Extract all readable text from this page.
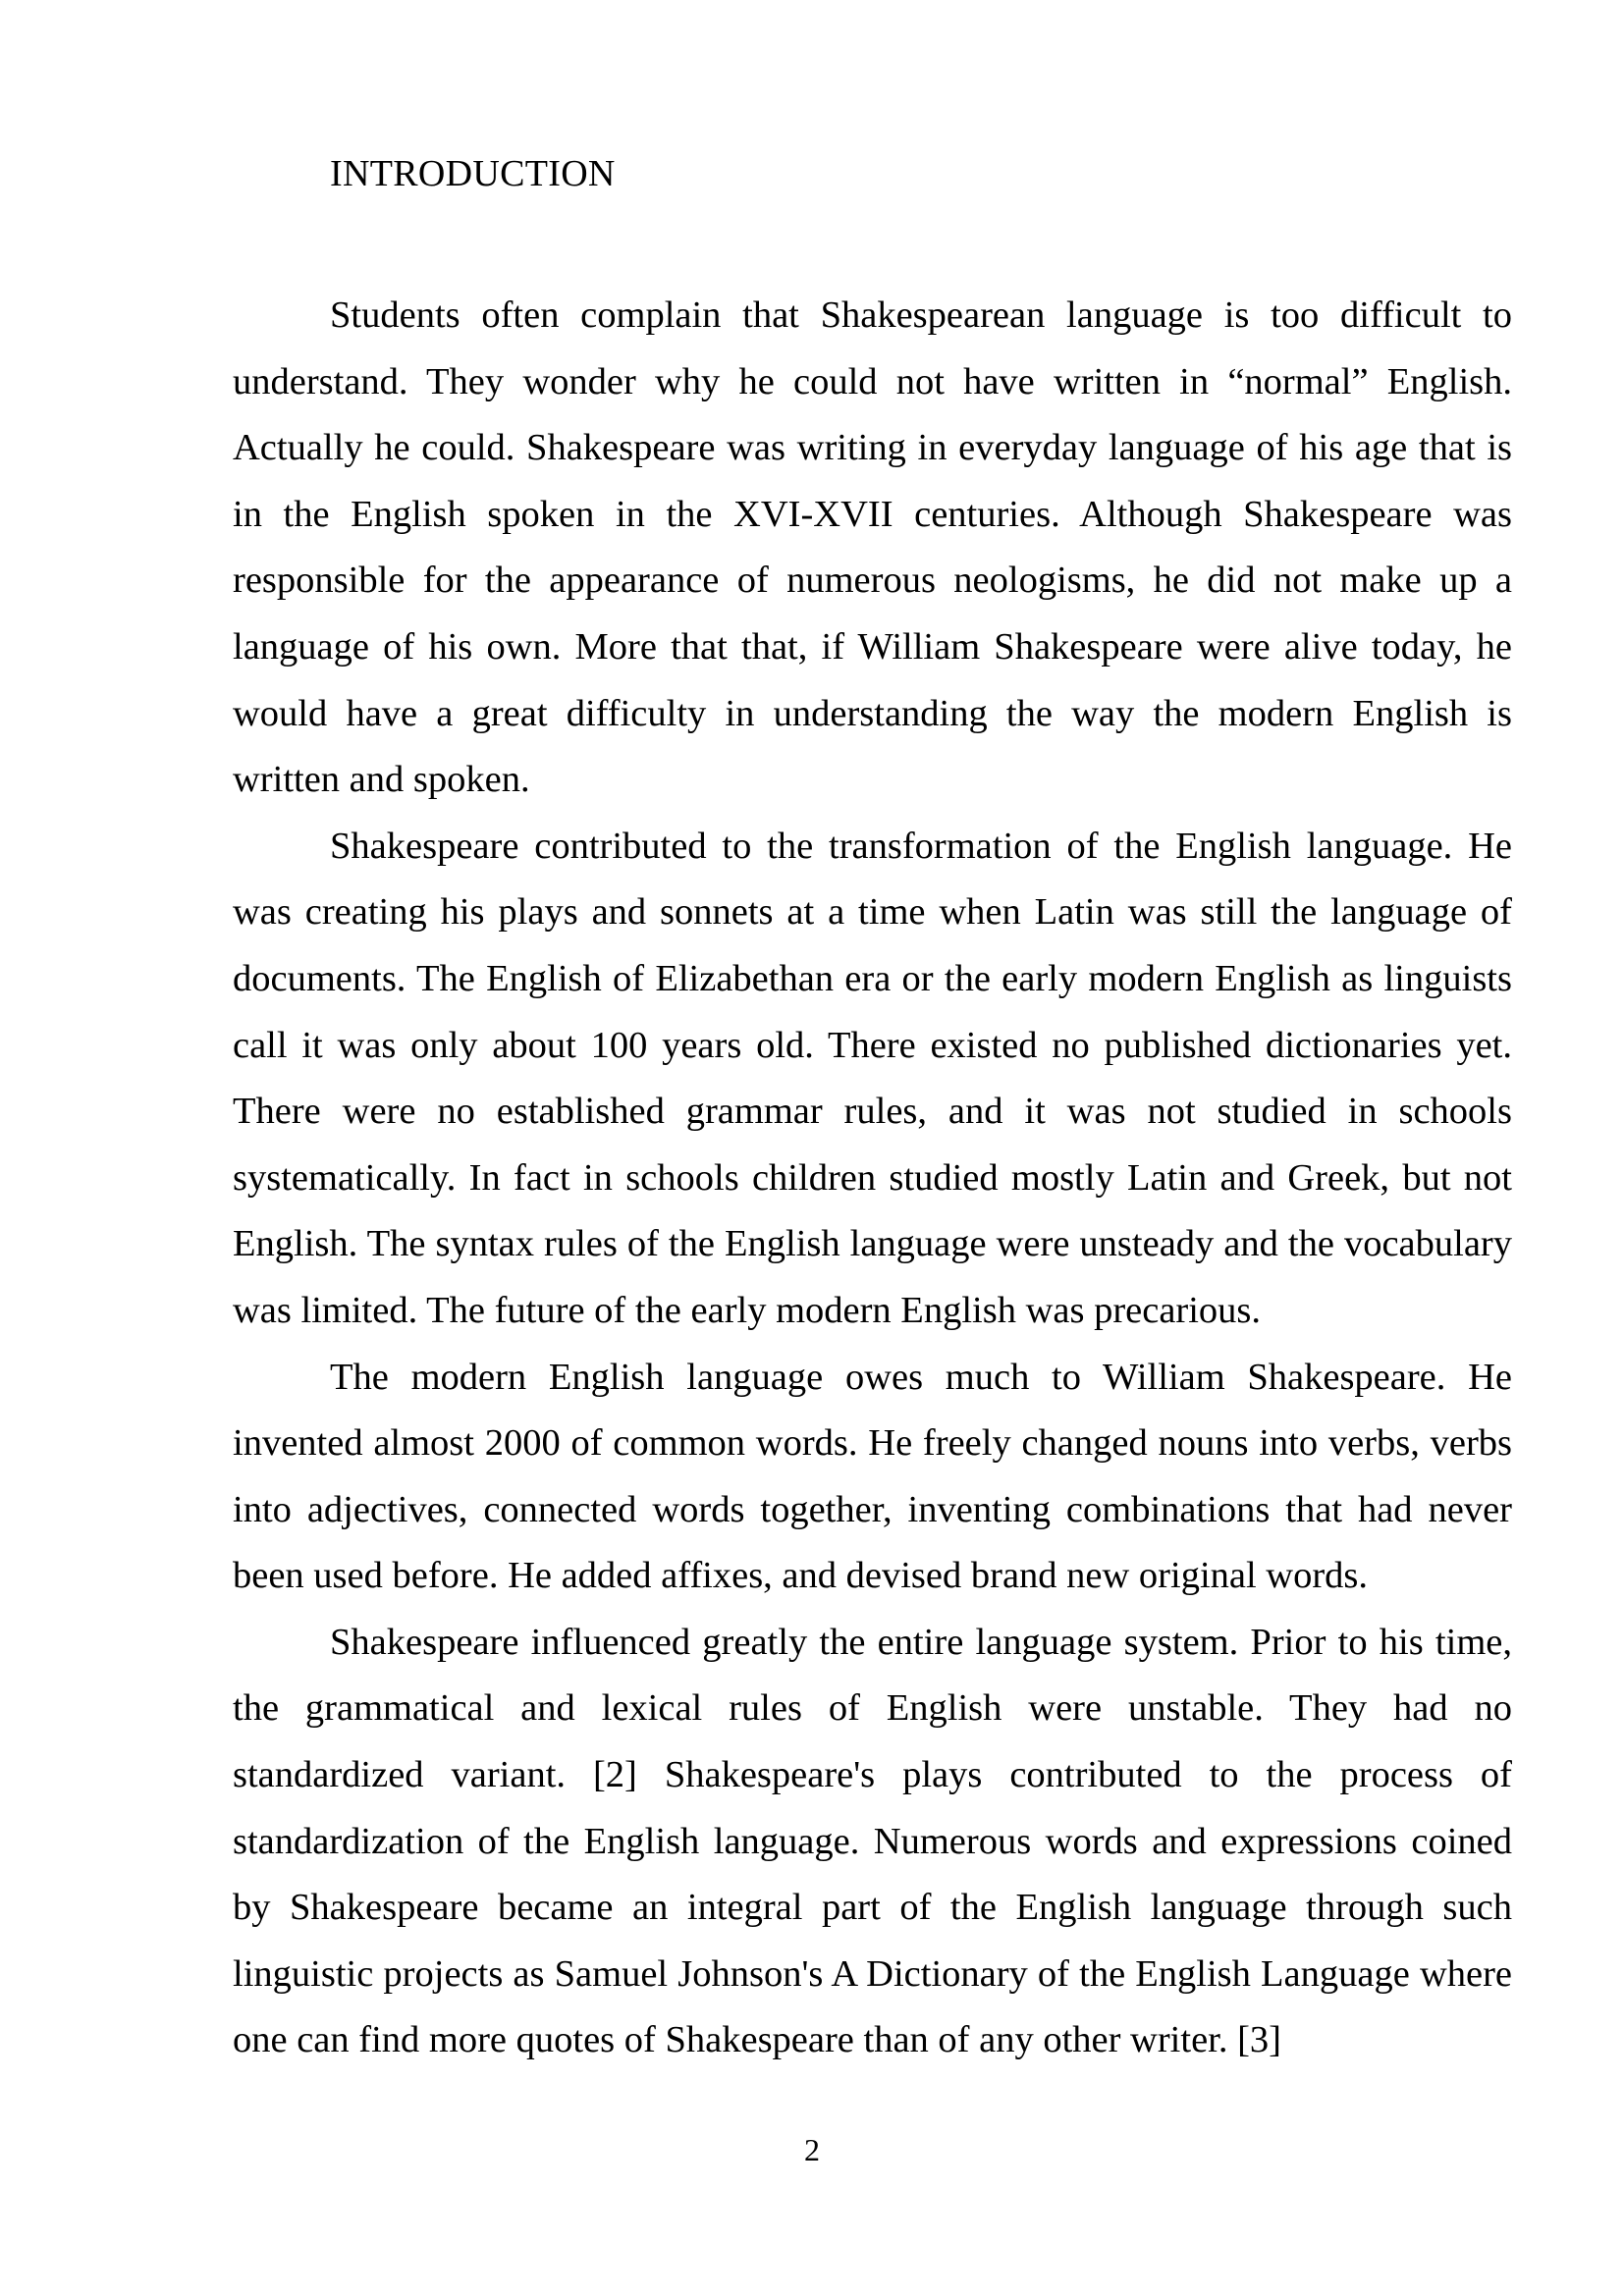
INTRODUCTION

Students often complain that Shakespearean language is too difficult to understand. They wonder why he could not have written in “normal” English. Actually he could. Shakespeare was writing in everyday language of his age that is in the English spoken in the XVI-XVII centuries. Although Shakespeare was responsible for the appearance of numerous neologisms, he did not make up a language of his own. More that that, if William Shakespeare were alive today, he would have a great difficulty in understanding the way the modern English is written and spoken.

Shakespeare contributed to the transformation of the English language. He was creating his plays and sonnets at a time when Latin was still the language of documents. The English of Elizabethan era or the early modern English as linguists call it was only about 100 years old. There existed no published dictionaries yet. There were no established grammar rules, and it was not studied in schools systematically. In fact in schools children studied mostly Latin and Greek, but not English. The syntax rules of the English language were unsteady and the vocabulary was limited. The future of the early modern English was precarious.

The modern English language owes much to William Shakespeare. He invented almost 2000 of common words. He freely changed nouns into verbs, verbs into adjectives, connected words together, inventing combinations that had never been used before. He added affixes, and devised brand new original words.

Shakespeare influenced greatly the entire language system. Prior to his time, the grammatical and lexical rules of English were unstable. They had no standardized variant. [2] Shakespeare's plays contributed to the process of standardization of the English language. Numerous words and expressions coined by Shakespeare became an integral part of the English language through such linguistic projects as Samuel Johnson's A Dictionary of the English Language where one can find more quotes of Shakespeare than of any other writer. [3]

2
